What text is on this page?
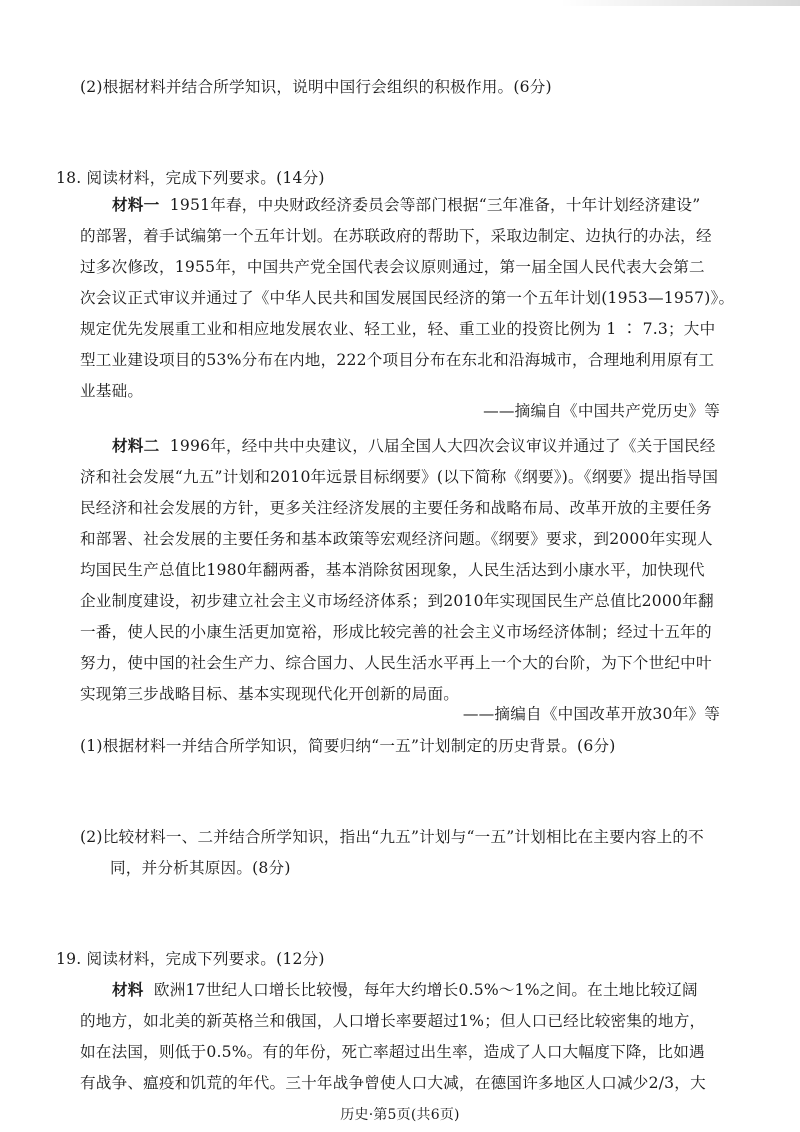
(2)根据材料并结合所学知识，说明中国行会组织的积极作用。(6分)
18. 阅读材料，完成下列要求。(14分)
材料一 1951年春，中央财政经济委员会等部门根据“三年准备，十年计划经济建设”
的部署，着手试编第一个五年计划。在苏联政府的帮助下，采取边制定、边执行的办法，经
过多次修改，1955年，中国共产党全国代表会议原则通过，第一届全国人民代表大会第二
次会议正式审议并通过了《中华人民共和国发展国民经济的第一个五年计划(1953—1957)》。
规定优先发展重工业和相应地发展农业、轻工业，轻、重工业的投资比例为 1 ∶ 7.3；大中
型工业建设项目的53%分布在内地，222个项目分布在东北和沿海城市，合理地利用原有工
业基础。
——摘编自《中国共产党历史》等
材料二 1996年，经中共中央建议，八届全国人大四次会议审议并通过了《关于国民经
济和社会发展“九五”计划和2010年远景目标纲要》(以下简称《纲要》)。《纲要》提出指导国
民经济和社会发展的方针，更多关注经济发展的主要任务和战略布局、改革开放的主要任务
和部署、社会发展的主要任务和基本政策等宏观经济问题。《纲要》要求，到2000年实现人
均国民生产总值比1980年翻两番，基本消除贫困现象，人民生活达到小康水平，加快现代
企业制度建设，初步建立社会主义市场经济体系；到2010年实现国民生产总值比2000年翻
一番，使人民的小康生活更加宽裕，形成比较完善的社会主义市场经济体制；经过十五年的
努力，使中国的社会生产力、综合国力、人民生活水平再上一个大的台阶，为下个世纪中叶
实现第三步战略目标、基本实现现代化开创新的局面。
——摘编自《中国改革开放30年》等
(1)根据材料一并结合所学知识，简要归纳“一五”计划制定的历史背景。(6分)
(2)比较材料一、二并结合所学知识，指出“九五”计划与“一五”计划相比在主要内容上的不
同，并分析其原因。(8分)
19. 阅读材料，完成下列要求。(12分)
材料 欧洲17世纪人口增长比较慢，每年大约增长0.5%～1%之间。在土地比较辽阔
的地方，如北美的新英格兰和俄国，人口增长率要超过1%；但人口已经比较密集的地方，
如在法国，则低于0.5%。有的年份，死亡率超过出生率，造成了人口大幅度下降，比如遇
有战争、瘟疫和饥荒的年代。三十年战争曾使人口大减，在德国许多地区人口减少2/3，大
历史·第5页(共6页)
